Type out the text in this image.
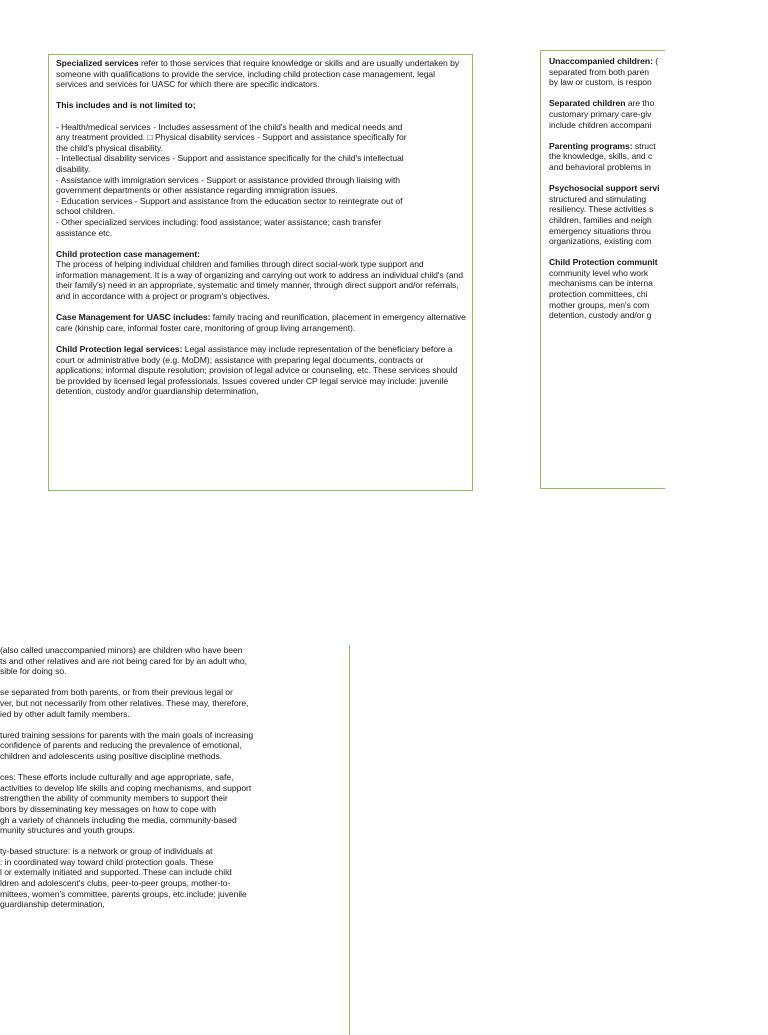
Specialized services refer to those services that require knowledge or skills and are usually undertaken by someone with qualifications to provide the service, including child protection case management, legal services and services for UASC for which there are specific indicators.

This includes and is not limited to;

- Health/medical services - Includes assessment of the child's health and medical needs and
any treatment provided. □ Physical disability services - Support and assistance specifically for
the child's physical disability.
- Intellectual disability services - Support and assistance specifically for the child's intellectual
disability.
- Assistance with immigration services - Support or assistance provided through liaising with
government departments or other assistance regarding immigration issues.
- Education services - Support and assistance from the education sector to reintegrate out of
school children.
- Other specialized services including: food assistance; water assistance; cash transfer
assistance etc.

Child protection case management:
The process of helping individual children and families through direct social-work type support and information management. It is a way of organizing and carrying out work to address an individual child's (and their family's) need in an appropriate, systematic and timely manner, through direct support and/or referrals, and in accordance with a project or program's objectives.

Case Management for UASC includes: family tracing and reunification, placement in emergency alternative care (kinship care, informal foster care, monitoring of group living arrangement).

Child Protection legal services: Legal assistance may include representation of the beneficiary before a court or administrative body (e.g. MoDM); assistance with preparing legal documents, contracts or applications; informal dispute resolution; provision of legal advice or counseling, etc. These services should be provided by licensed legal professionals. Issues covered under CP legal service may include: juvenile detention, custody and/or guardianship determination,

Unaccompanied children: (
separated from both paren
by law or custom, is respon

Separated children are tho
customary primary care-giv
include children accompani

Parenting programs: struct
the knowledge, skills, and c
and behavioral problems in

Psychosocial support servi
structured and stimulating
resiliency. These activities s
children, families and neigh
emergency situations throu
organizations, existing com

Child Protection communit
community level who work
mechanisms can be interna
protection committees, chi
mother groups, men's com
detention, custody and/or g

(also called unaccompanied minors) are children who have been
ts and other relatives and are not being cared for by an adult who,
sible for doing so.

se separated from both parents, or from their previous legal or
ver, but not necessarily from other relatives. These may, therefore,
ied by other adult family members.

tured training sessions for parents with the main goals of increasing
confidence of parents and reducing the prevalence of emotional,
children and adolescents using positive discipline methods.

ces: These efforts include culturally and age appropriate, safe,
activities to develop life skills and coping mechanisms, and support
strengthen the ability of community members to support their
bors by disseminating key messages on how to cope with
gh a variety of channels including the media, community-based
munity structures and youth groups.

ty-based structure: is a network or group of individuals at
: in coordinated way toward child protection goals. These
l or externally initiated and supported. These can include child
ldren and adolescent's clubs, peer-to-peer groups, mother-to-
mittees, women's committee, parents groups, etc.include: juvenile
guardianship determination,
